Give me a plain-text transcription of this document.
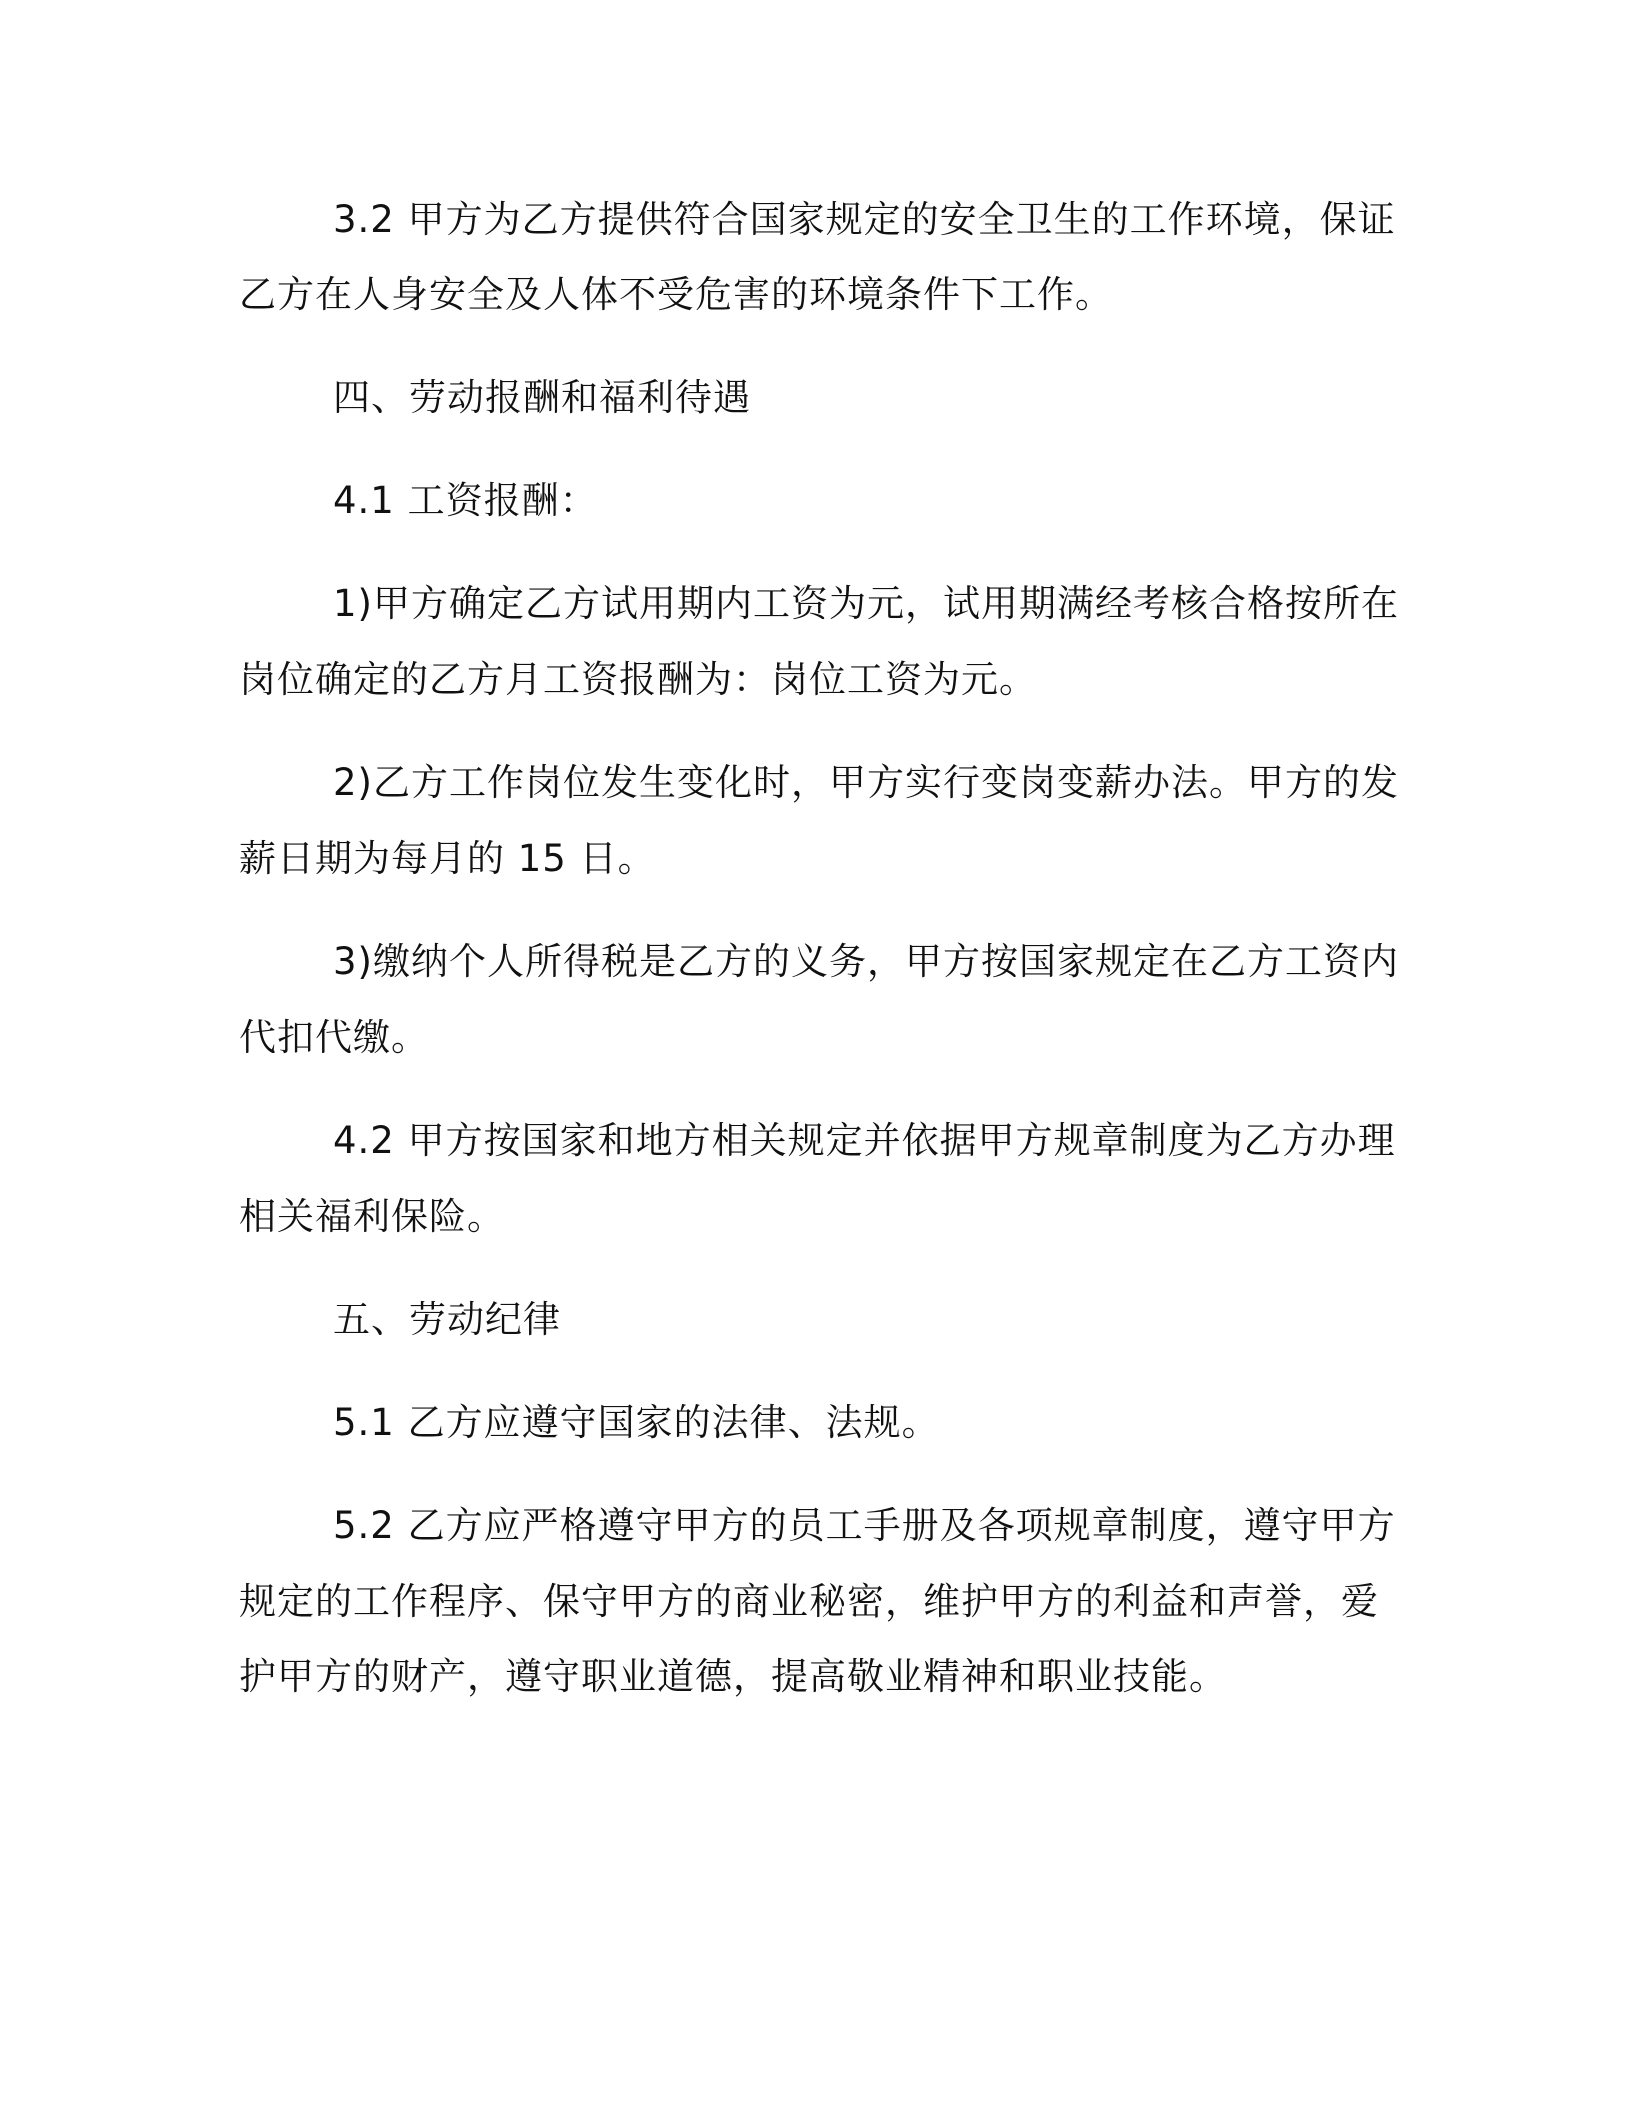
3.2 甲方为乙方提供符合国家规定的安全卫生的工作环境，保证
乙方在人身安全及人体不受危害的环境条件下工作。
四、劳动报酬和福利待遇
4.1 工资报酬：
1)甲方确定乙方试用期内工资为元，试用期满经考核合格按所在
岗位确定的乙方月工资报酬为：岗位工资为元。
2)乙方工作岗位发生变化时，甲方实行变岗变薪办法。甲方的发
薪日期为每月的 15 日。
3)缴纳个人所得税是乙方的义务，甲方按国家规定在乙方工资内
代扣代缴。
4.2 甲方按国家和地方相关规定并依据甲方规章制度为乙方办理
相关福利保险。
五、劳动纪律
5.1 乙方应遵守国家的法律、法规。
5.2 乙方应严格遵守甲方的员工手册及各项规章制度，遵守甲方
规定的工作程序、保守甲方的商业秘密，维护甲方的利益和声誉，爱
护甲方的财产，遵守职业道德，提高敬业精神和职业技能。
